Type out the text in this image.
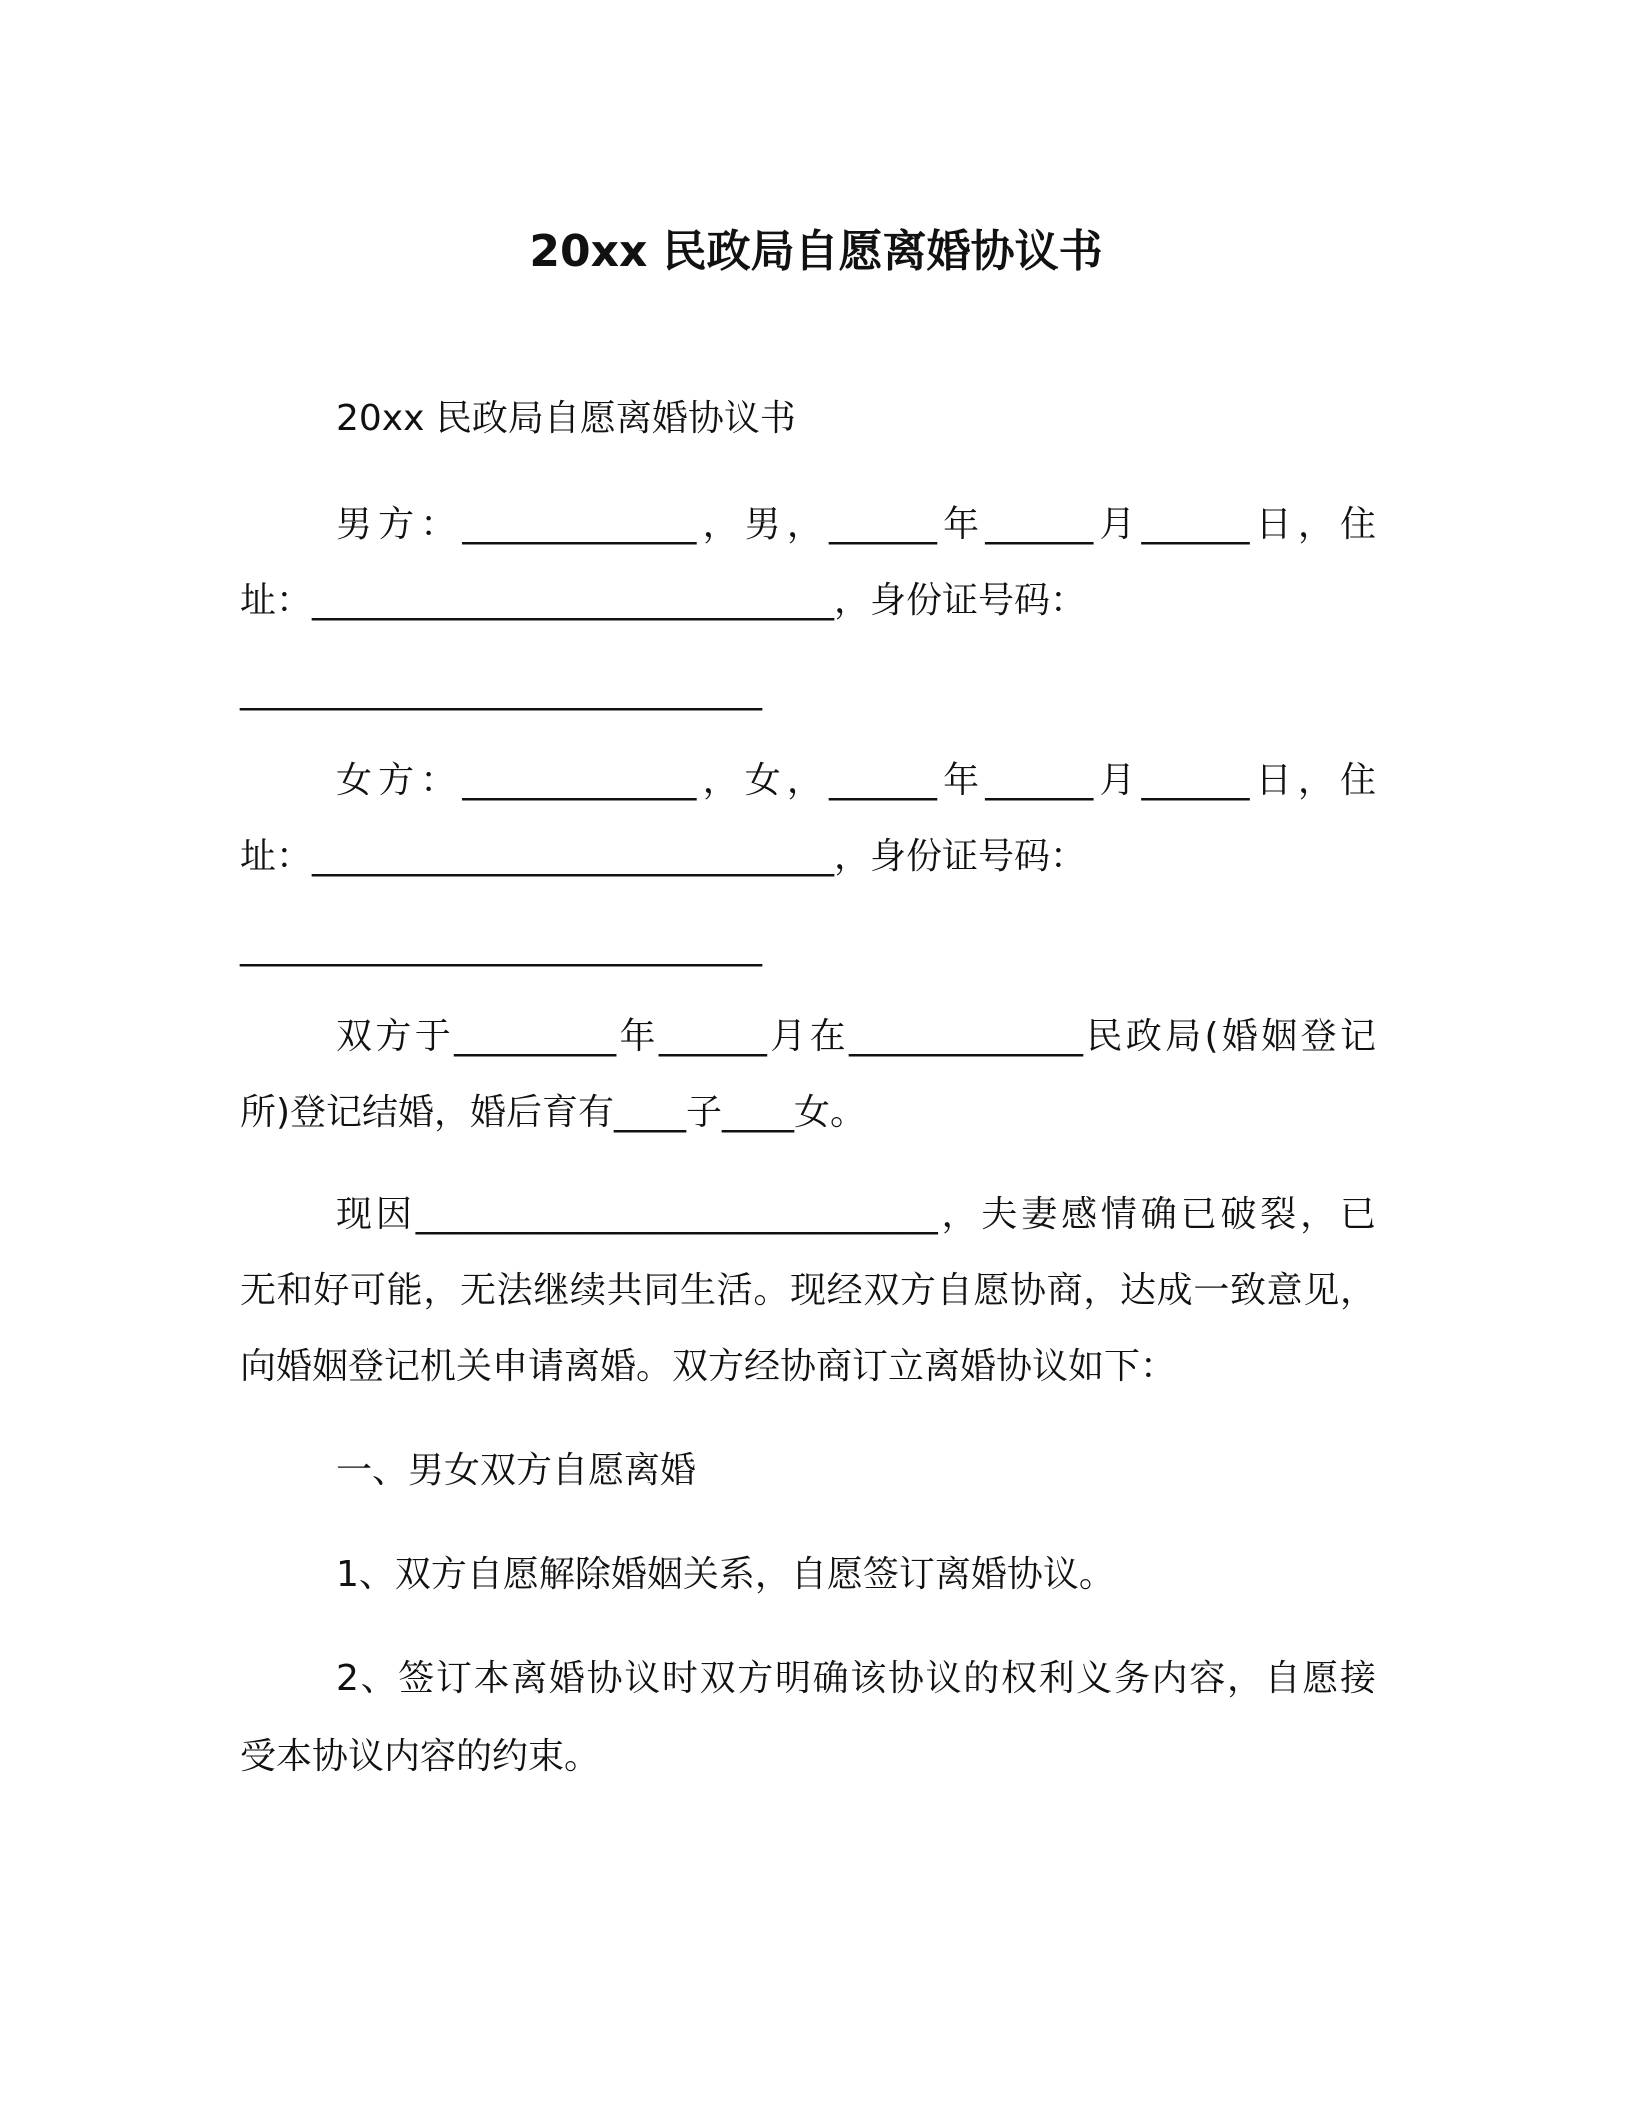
20xx 民政局自愿离婚协议书
20xx 民政局自愿离婚协议书
男方：_____________，男，______年______月______日，住
址：_____________________________，身份证号码：
_____________________________
女方：_____________，女，______年______月______日，住
址：_____________________________，身份证号码：
_____________________________
双方于_________年______月在_____________民政局(婚姻登记
所)登记结婚，婚后育有____子____女。
现因_____________________________，夫妻感情确已破裂，已
无和好可能，无法继续共同生活。现经双方自愿协商，达成一致意见，
向婚姻登记机关申请离婚。双方经协商订立离婚协议如下：
一、男女双方自愿离婚
1、双方自愿解除婚姻关系，自愿签订离婚协议。
2、签订本离婚协议时双方明确该协议的权利义务内容，自愿接
受本协议内容的约束。
